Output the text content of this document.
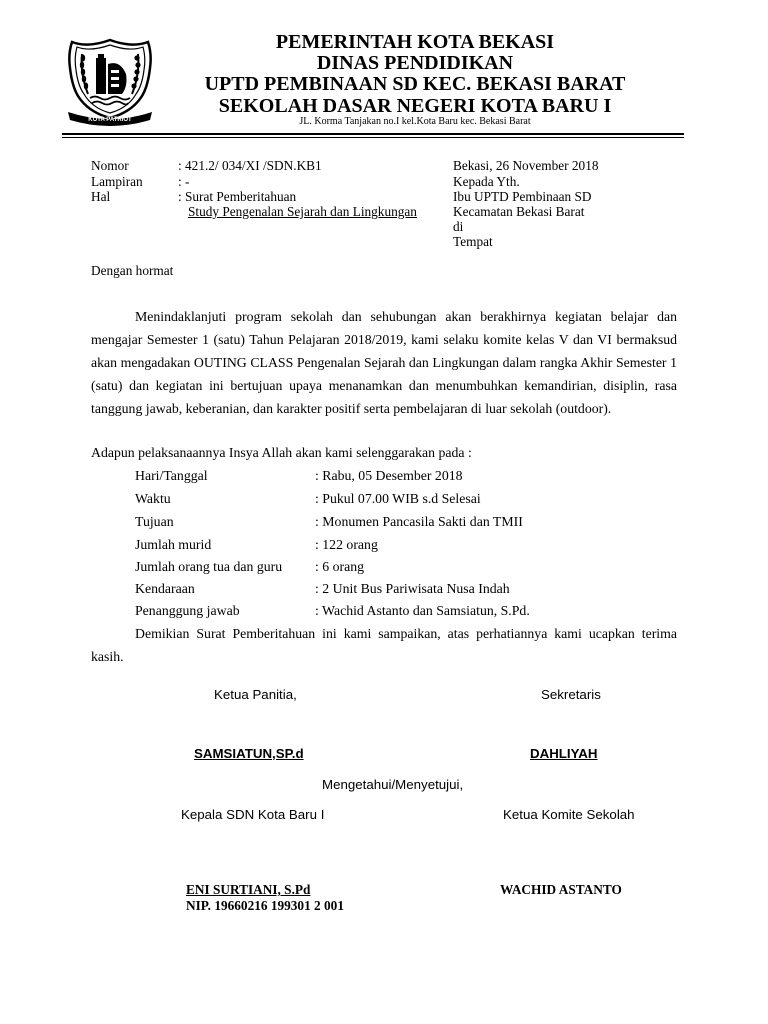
KOTA PATRIOT
PEMERINTAH KOTA BEKASI
DINAS PENDIDIKAN
UPTD PEMBINAAN SD KEC. BEKASI BARAT
SEKOLAH DASAR NEGERI KOTA BARU I
JL. Korma Tanjakan no.I kel.Kota Baru kec. Bekasi Barat
Nomor	: 421.2/ 034/XI /SDN.KB1
Lampiran	: -
Hal	: Surat Pemberitahuan
Study Pengenalan Sejarah dan Lingkungan
Bekasi, 26 November 2018
Kepada Yth.
Ibu UPTD Pembinaan SD
Kecamatan Bekasi Barat
di
Tempat
Dengan hormat

Menindaklanjuti program sekolah dan sehubungan akan berakhirnya kegiatan belajar dan mengajar Semester 1 (satu) Tahun Pelajaran 2018/2019, kami selaku komite kelas V dan VI bermaksud akan mengadakan OUTING CLASS Pengenalan Sejarah dan Lingkungan dalam rangka Akhir Semester 1 (satu) dan kegiatan ini bertujuan upaya menanamkan dan menumbuhkan kemandirian, disiplin, rasa tanggung jawab, keberanian, dan karakter positif serta pembelajaran di luar sekolah (outdoor).

Adapun pelaksanaannya Insya Allah akan kami selenggarakan pada :
Hari/Tanggal	: Rabu, 05 Desember 2018
Waktu	: Pukul 07.00 WIB s.d Selesai
Tujuan	: Monumen Pancasila Sakti dan TMII
Jumlah murid	: 122 orang
Jumlah orang tua dan guru : 6 orang
Kendaraan	: 2 Unit Bus Pariwisata Nusa Indah
Penanggung jawab	: Wachid Astanto dan Samsiatun, S.Pd.

Demikian Surat Pemberitahuan ini kami sampaikan, atas perhatiannya kami ucapkan terima kasih.

Ketua Panitia,	Sekretaris
SAMSIATUN,SP.d	DAHLIYAH
Mengetahui/Menyetujui,
Kepala SDN Kota Baru I	Ketua Komite Sekolah
ENI SURTIANI, S.Pd
NIP. 19660216 199301 2 001
WACHID ASTANTO
